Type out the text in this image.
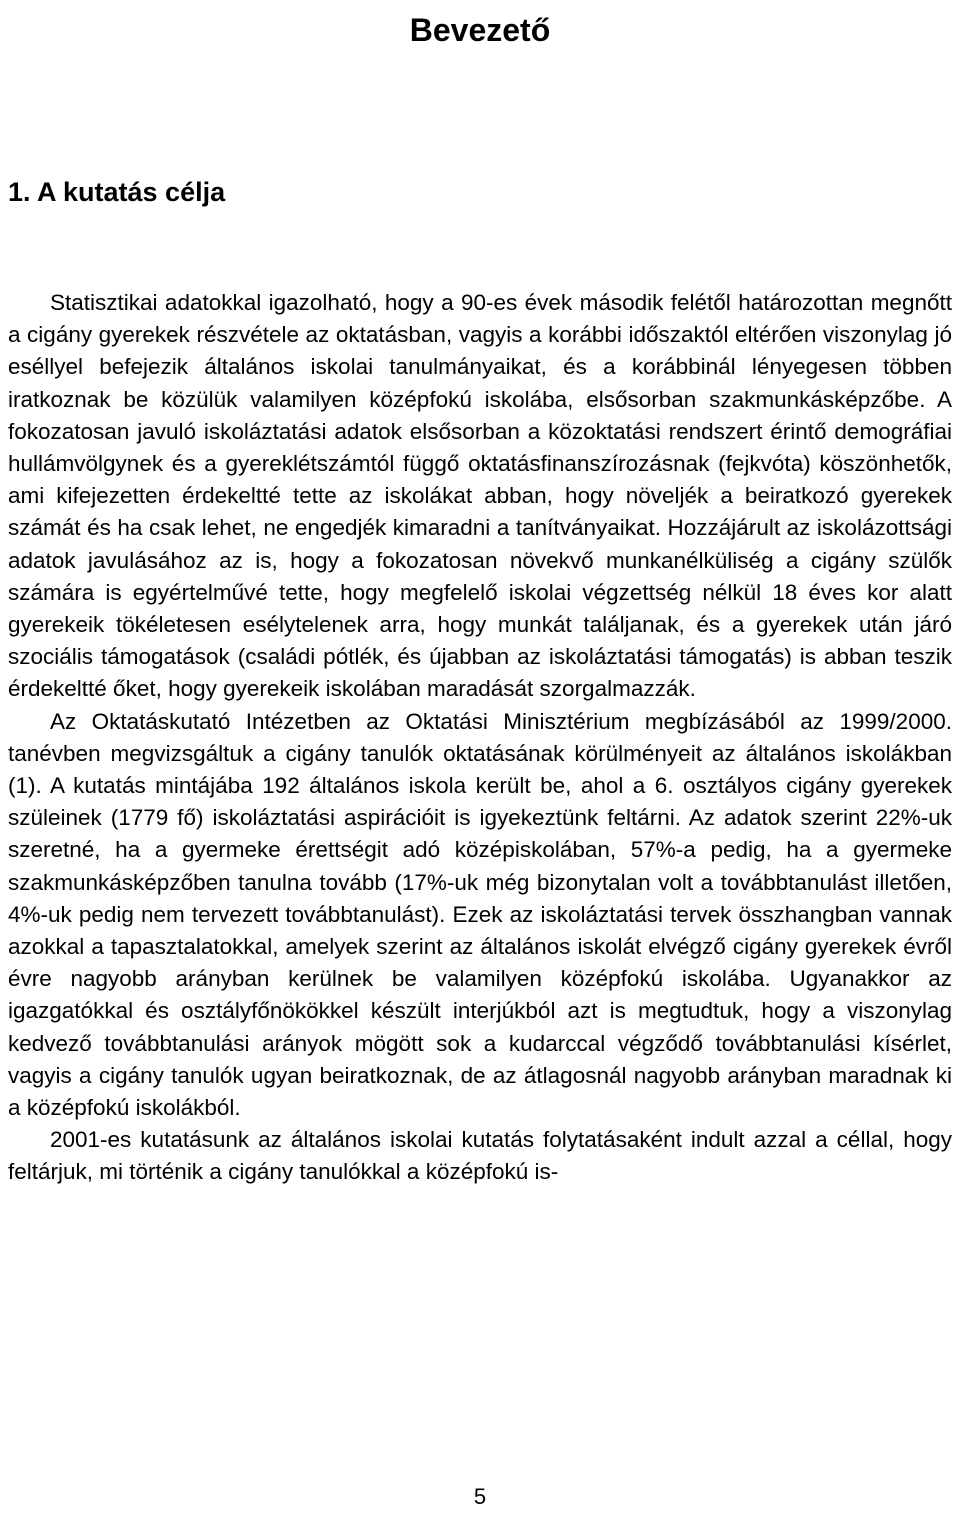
Bevezető
1. A kutatás célja

Statisztikai adatokkal igazolható, hogy a 90-es évek második felétől határozottan megnőtt a cigány gyerekek részvétele az oktatásban, vagyis a korábbi időszaktól eltérően viszonylag jó eséllyel befejezik általános iskolai tanulmányaikat, és a korábbinál lényegesen többen iratkoznak be közülük valamilyen középfokú iskolába, elsősorban szakmunkásképzőbe. A fokozatosan javuló iskoláztatási adatok elsősorban a közoktatási rendszert érintő demográfiai hullámvölgynek és a gyereklétszámtól függő oktatásfinanszírozásnak (fejkvóta) köszönhetők, ami kifejezetten érdekeltté tette az iskolákat abban, hogy növeljék a beiratkozó gyerekek számát és ha csak lehet, ne engedjék kimaradni a tanítványaikat. Hozzájárult az iskolázottsági adatok javulásához az is, hogy a fokozatosan növekvő munkanélküliség a cigány szülők számára is egyértelművé tette, hogy megfelelő iskolai végzettség nélkül 18 éves kor alatt gyerekeik tökéletesen esélytelenek arra, hogy munkát találjanak, és a gyerekek után járó szociális támogatások (családi pótlék, és újabban az iskoláztatási támogatás) is abban teszik érdekeltté őket, hogy gyerekeik iskolában maradását szorgalmazzák.

Az Oktatáskutató Intézetben az Oktatási Minisztérium megbízásából az 1999/2000. tanévben megvizsgáltuk a cigány tanulók oktatásának körülményeit az általános iskolákban (1). A kutatás mintájába 192 általános iskola került be, ahol a 6. osztályos cigány gyerekek szüleinek (1779 fő) iskoláztatási aspirációit is igyekeztünk feltárni. Az adatok szerint 22%-uk szeretné, ha a gyermeke érettségit adó középiskolában, 57%-a pedig, ha a gyermeke szakmunkásképzőben tanulna tovább (17%-uk még bizonytalan volt a továbbtanulást illetően, 4%-uk pedig nem tervezett továbbtanulást). Ezek az iskoláztatási tervek összhangban vannak azokkal a tapasztalatokkal, amelyek szerint az általános iskolát elvégző cigány gyerekek évről évre nagyobb arányban kerülnek be valamilyen középfokú iskolába. Ugyanakkor az igazgatókkal és osztályfőnökökkel készült interjúkból azt is megtudtuk, hogy a viszonylag kedvező továbbtanulási arányok mögött sok a kudarccal végződő továbbtanulási kísérlet, vagyis a cigány tanulók ugyan beiratkoznak, de az átlagosnál nagyobb arányban maradnak ki a középfokú iskolákból.

2001-es kutatásunk az általános iskolai kutatás folytatásaként indult azzal a céllal, hogy feltárjuk, mi történik a cigány tanulókkal a középfokú is-

5
